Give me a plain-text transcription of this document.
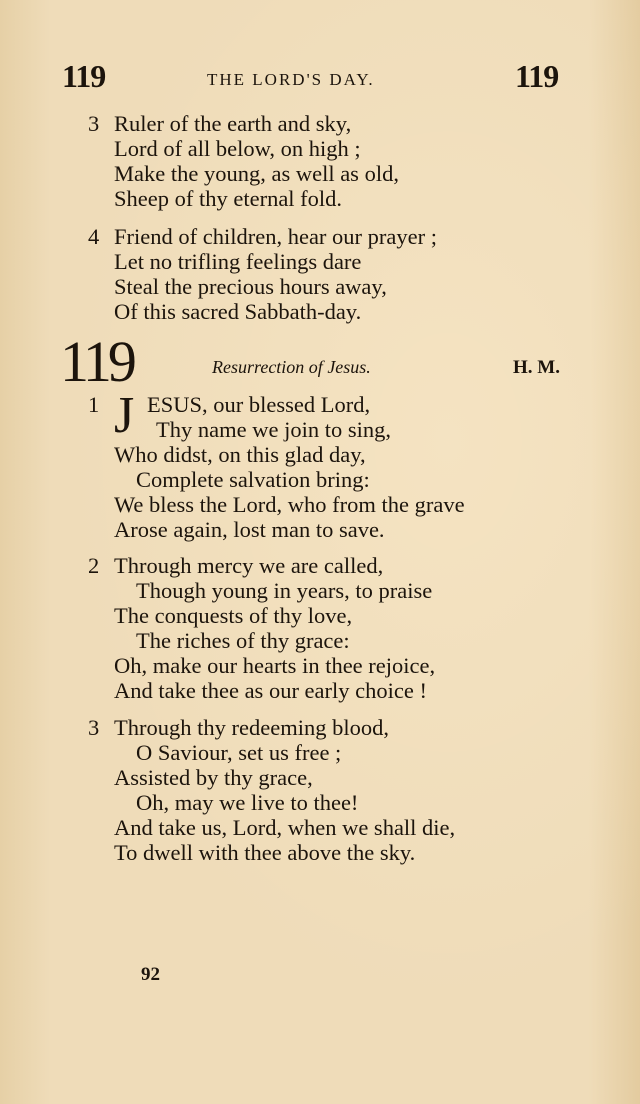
119	THE LORD'S DAY.	119
3 Ruler of the earth and sky,
Lord of all below, on high ;
Make the young, as well as old,
Sheep of thy eternal fold.
4 Friend of children, hear our prayer ;
Let no trifling feelings dare
Steal the precious hours away,
Of this sacred Sabbath-day.
119	Resurrection of Jesus.	H. M.
1 J ESUS, our blessed Lord,
Thy name we join to sing,
Who didst, on this glad day,
Complete salvation bring:
We bless the Lord, who from the grave
Arose again, lost man to save.
2 Through mercy we are called,
Though young in years, to praise
The conquests of thy love,
The riches of thy grace:
Oh, make our hearts in thee rejoice,
And take thee as our early choice !
3 Through thy redeeming blood,
O Saviour, set us free ;
Assisted by thy grace,
Oh, may we live to thee!
And take us, Lord, when we shall die,
To dwell with thee above the sky.
92
